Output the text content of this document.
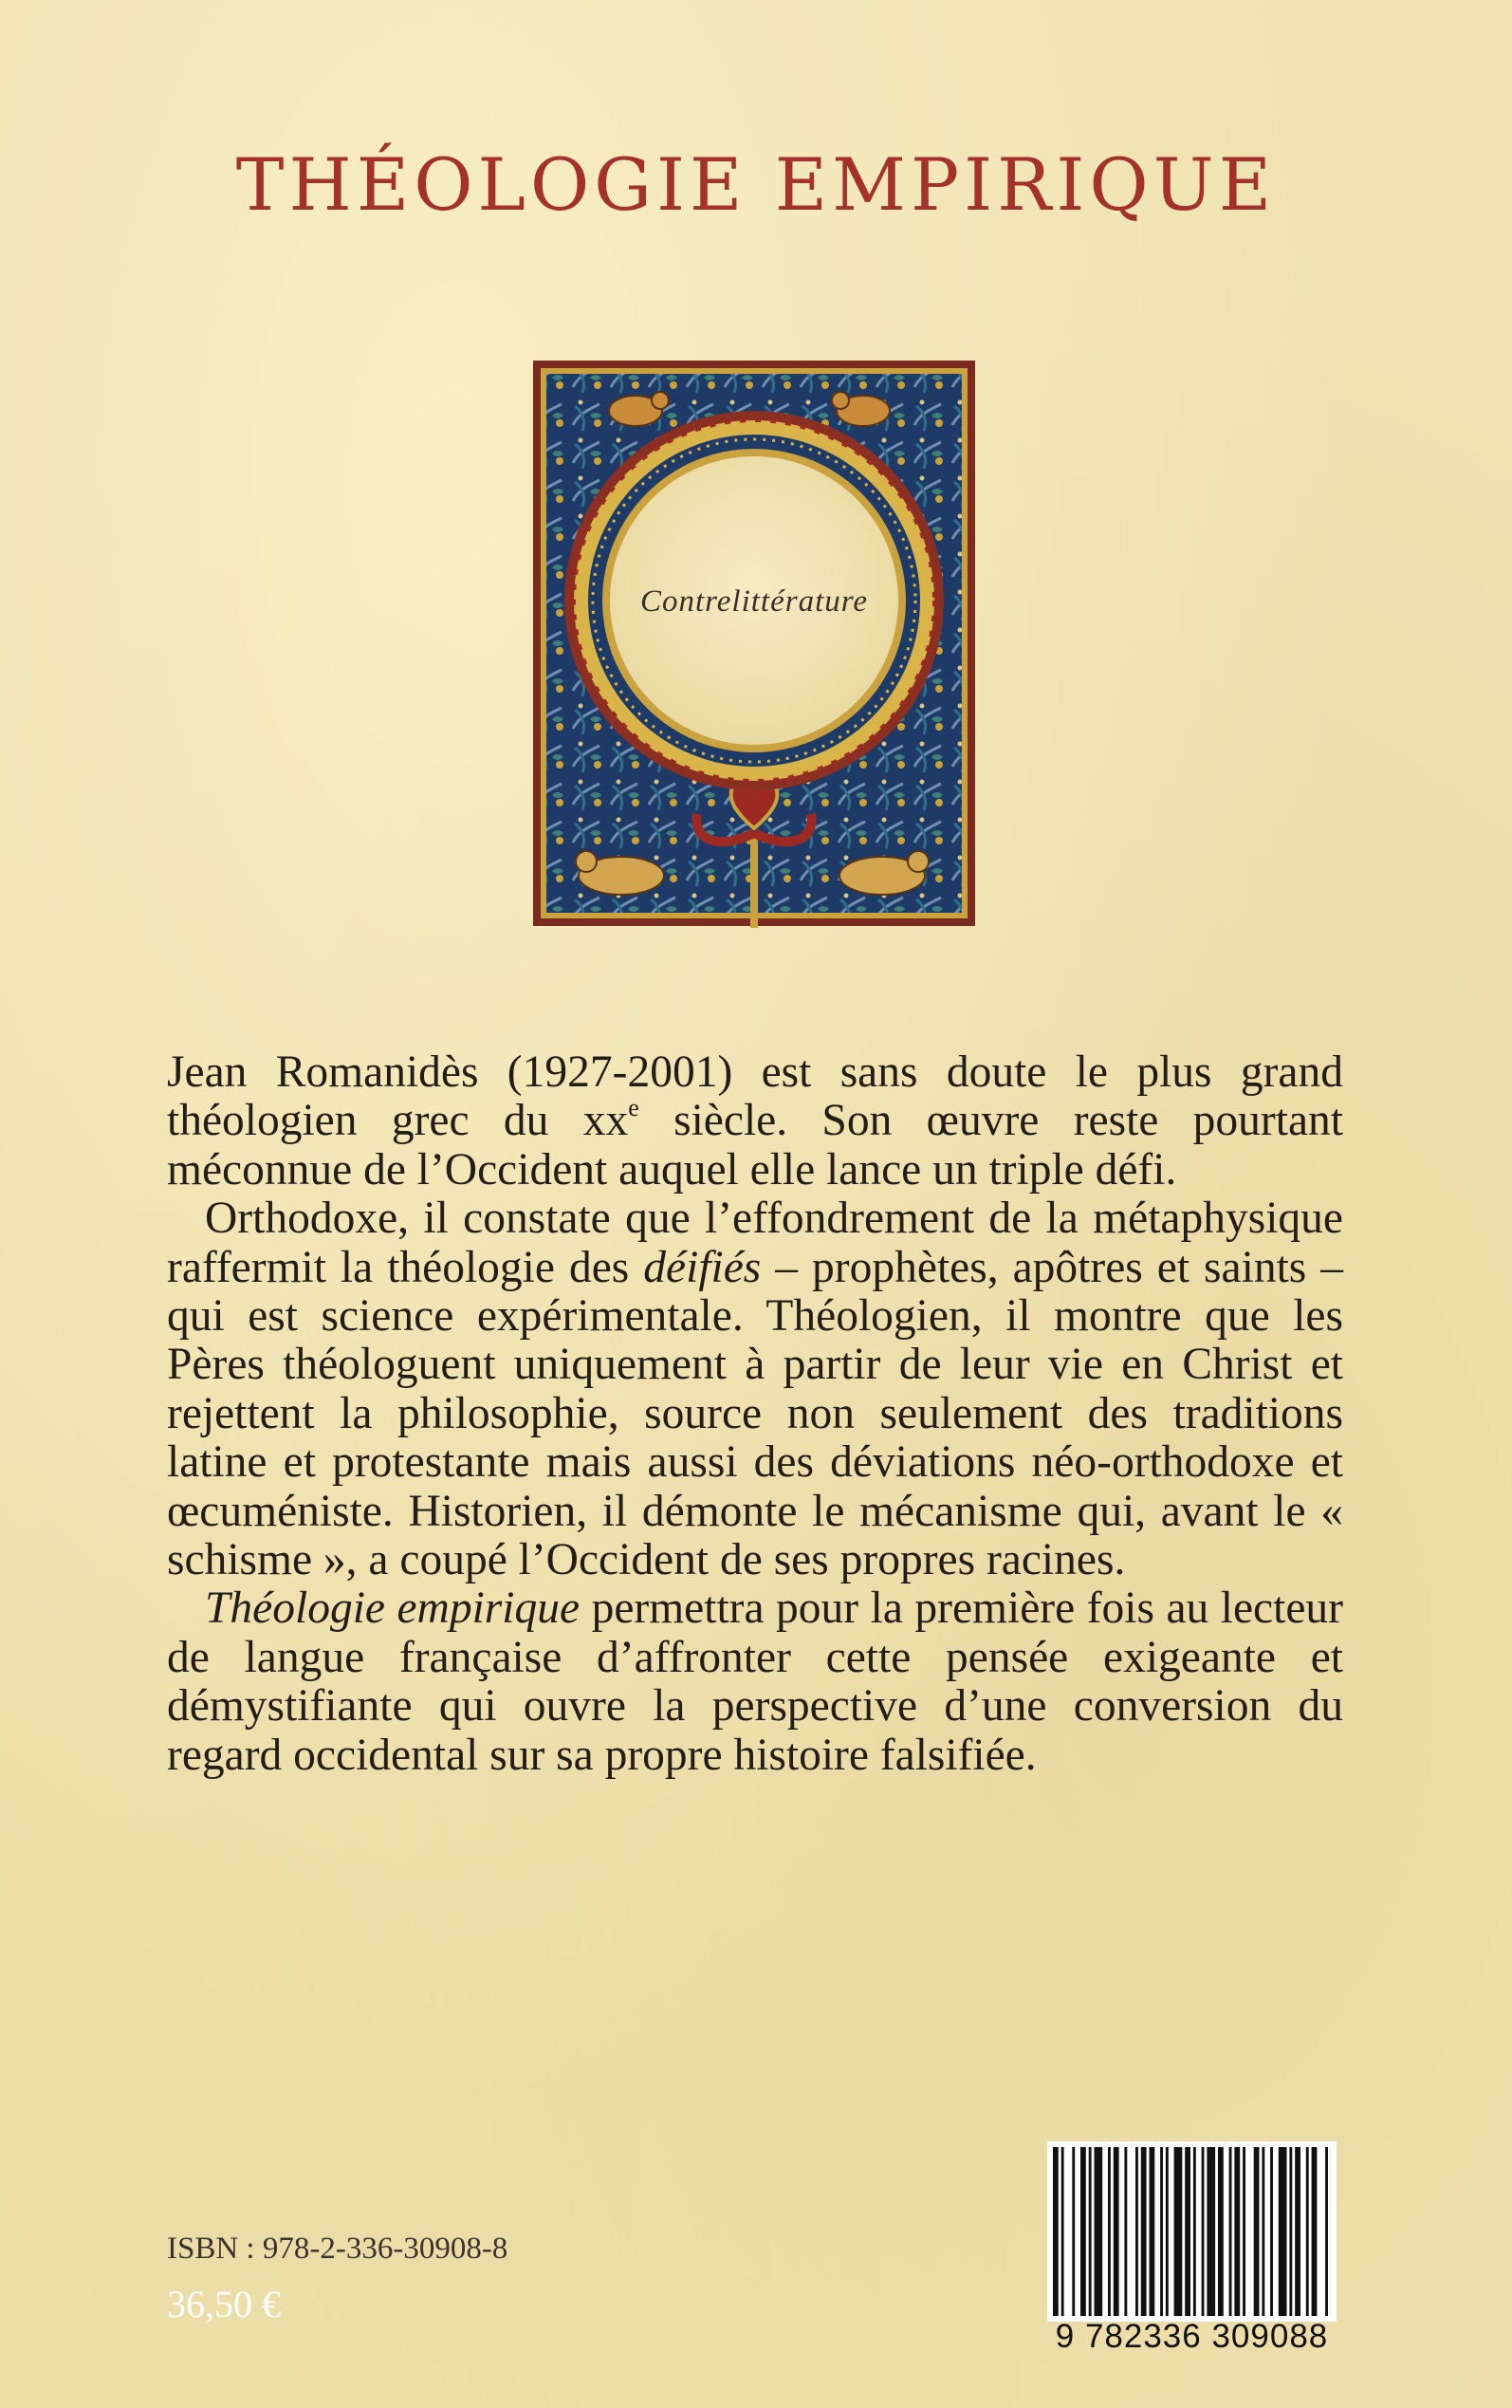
THÉOLOGIE EMPIRIQUE
Contrelittérature

Jean Romanidès (1927-2001) est sans doute le plus grand théologien grec du $xx^e$ siècle. Son œuvre reste pourtant méconnue de l’Occident auquel elle lance un triple défi.

Orthodoxe, il constate que l’effondrement de la métaphysique raffermit la théologie des déifiés – prophètes, apôtres et saints – qui est science expérimentale. Théologien, il montre que les Pères théologuent uniquement à partir de leur vie en Christ et rejettent la philosophie, source non seulement des traditions latine et protestante mais aussi des déviations néo-orthodoxe et œcuméniste. Historien, il démonte le mécanisme qui, avant le « schisme », a coupé l’Occident de ses propres racines.

Théologie empirique permettra pour la première fois au lecteur de langue française d’affronter cette pensée exigeante et démystifiante qui ouvre la perspective d’une conversion du regard occidental sur sa propre histoire falsifiée.

ISBN : 978-2-336-30908-8
36,50 €
9 782336 309088
